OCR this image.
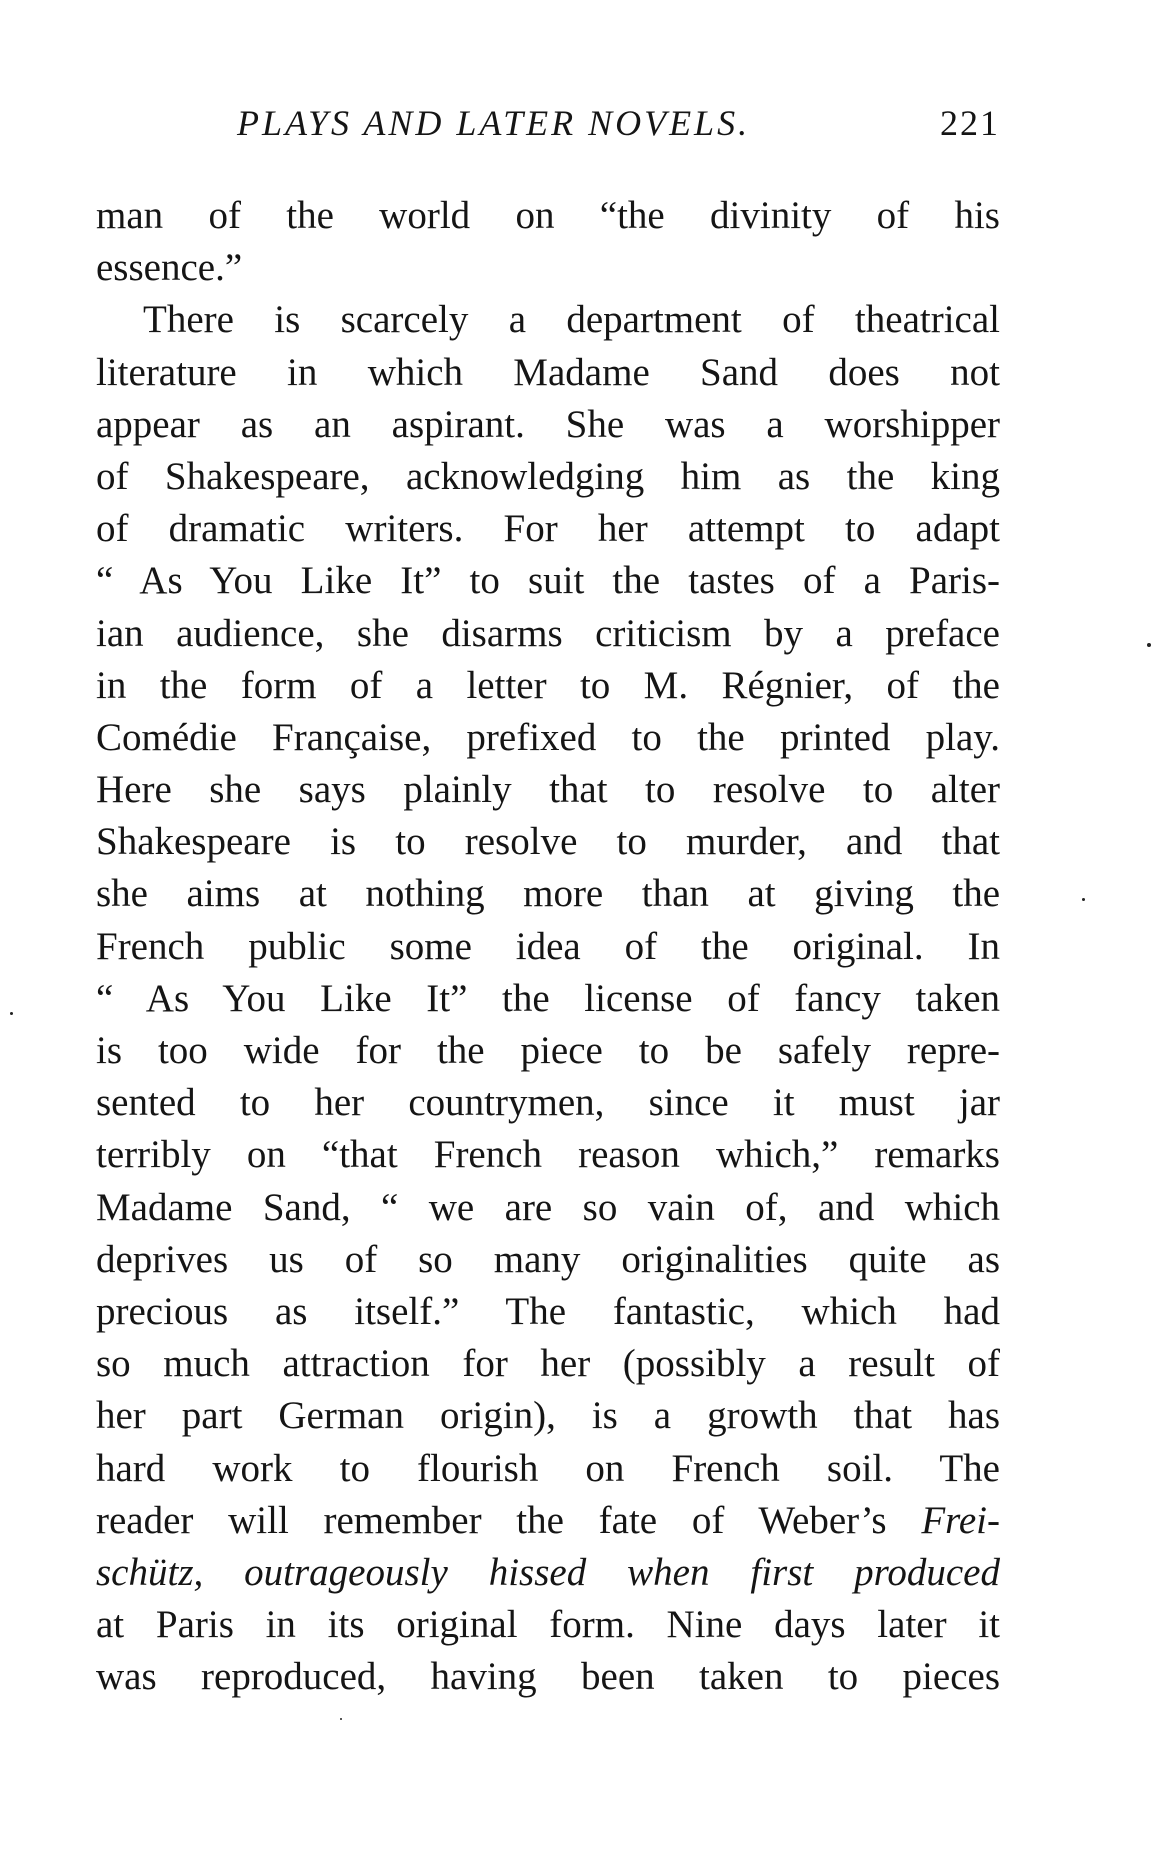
PLAYS AND LATER NOVELS.	221
man of the world on “the divinity of his
essence.”
There is scarcely a department of theatrical
literature in which Madame Sand does not
appear as an aspirant. She was a worshipper
of Shakespeare, acknowledging him as the king
of dramatic writers. For her attempt to adapt
“ As You Like It” to suit the tastes of a Paris-
ian audience, she disarms criticism by a preface
in the form of a letter to M. Régnier, of the
Comédie Française, prefixed to the printed play.
Here she says plainly that to resolve to alter
Shakespeare is to resolve to murder, and that
she aims at nothing more than at giving the
French public some idea of the original. In
“ As You Like It” the license of fancy taken
is too wide for the piece to be safely repre-
sented to her countrymen, since it must jar
terribly on “that French reason which,” remarks
Madame Sand, “ we are so vain of, and which
deprives us of so many originalities quite as
precious as itself.” The fantastic, which had
so much attraction for her (possibly a result of
her part German origin), is a growth that has
hard work to flourish on French soil. The
reader will remember the fate of Weber’s Frei-
schütz, outrageously hissed when first produced
at Paris in its original form. Nine days later it
was reproduced, having been taken to pieces
